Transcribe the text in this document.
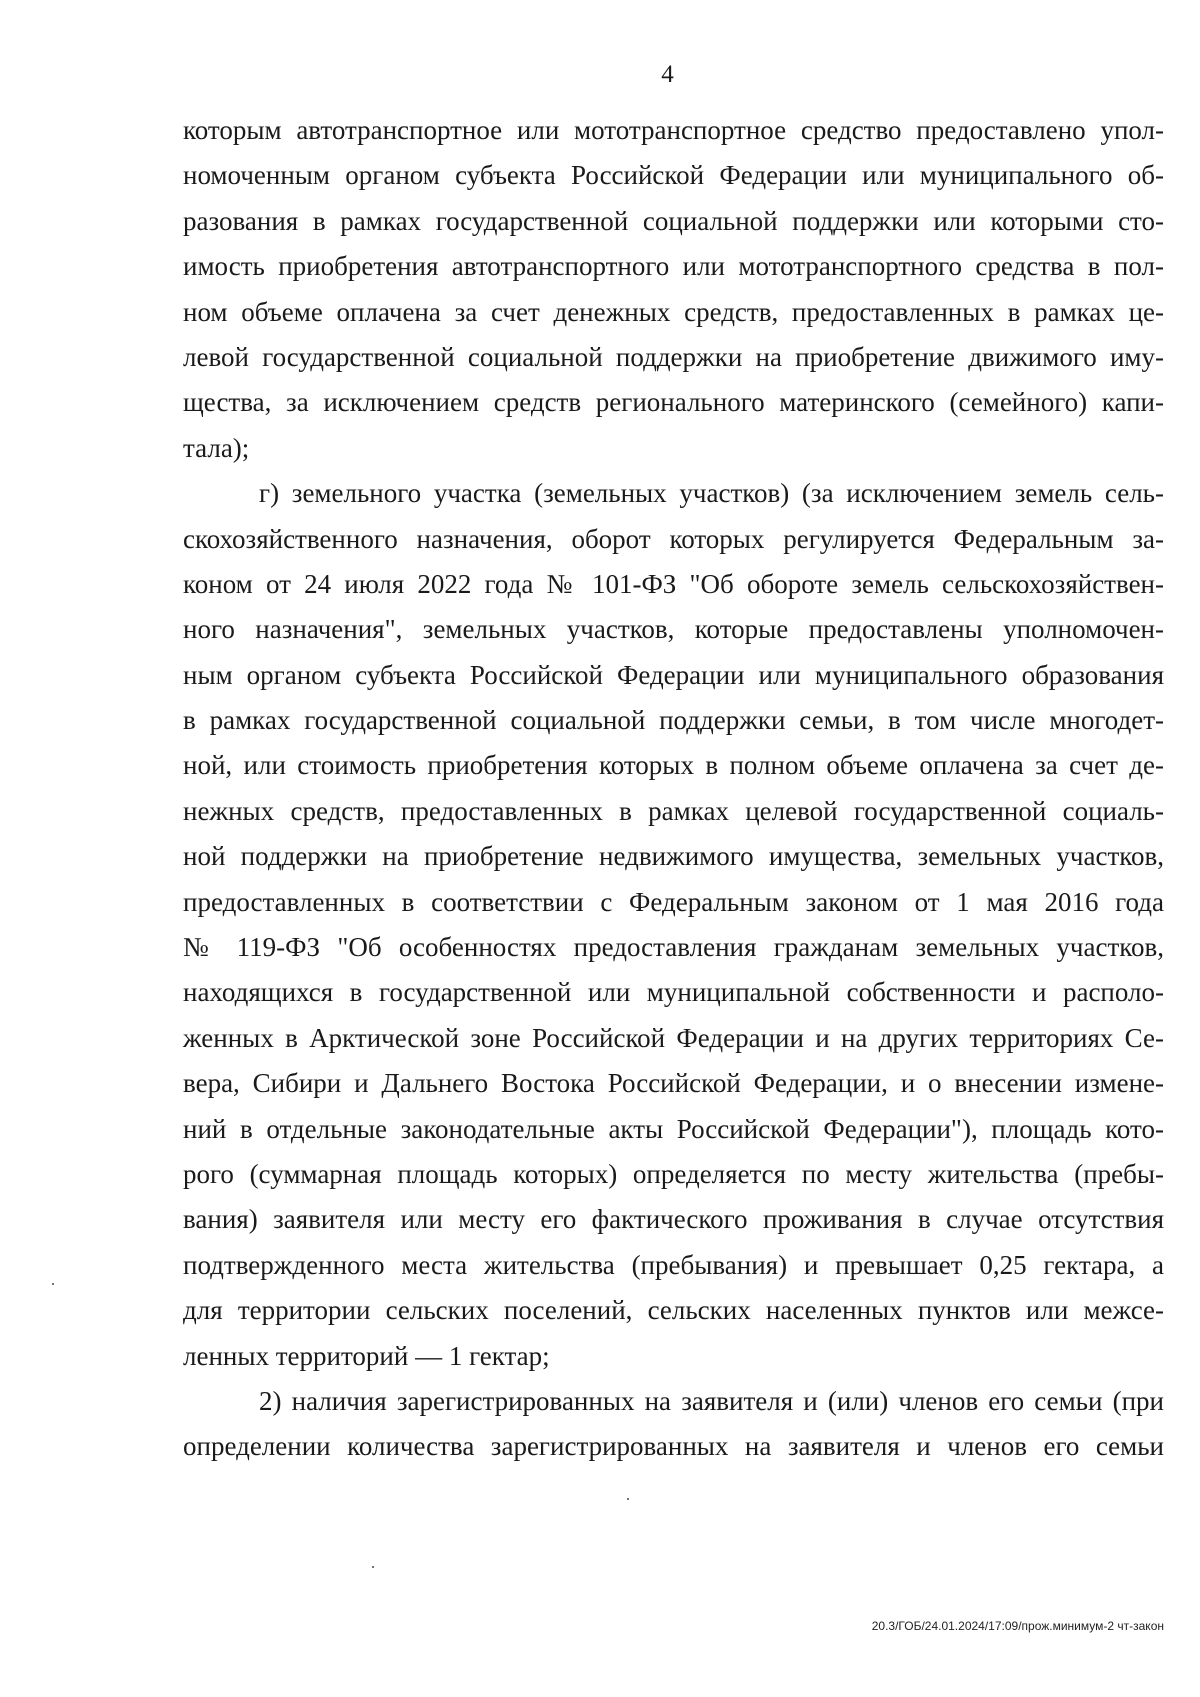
4
которым автотранспортное или мототранспортное средство предоставлено упол-
номоченным органом субъекта Российской Федерации или муниципального об-
разования в рамках государственной социальной поддержки или которыми сто-
имость приобретения автотранспортного или мототранспортного средства в пол-
ном объеме оплачена за счет денежных средств, предоставленных в рамках це-
левой государственной социальной поддержки на приобретение движимого иму-
щества, за исключением средств регионального материнского (семейного) капи-
тала);
г) земельного участка (земельных участков) (за исключением земель сель-
скохозяйственного назначения, оборот которых регулируется Федеральным за-
коном от 24 июля 2022 года № 101-ФЗ "Об обороте земель сельскохозяйствен-
ного назначения", земельных участков, которые предоставлены уполномочен-
ным органом субъекта Российской Федерации или муниципального образования
в рамках государственной социальной поддержки семьи, в том числе многодет-
ной, или стоимость приобретения которых в полном объеме оплачена за счет де-
нежных средств, предоставленных в рамках целевой государственной социаль-
ной поддержки на приобретение недвижимого имущества, земельных участков,
предоставленных в соответствии с Федеральным законом от 1 мая 2016 года
№ 119-ФЗ "Об особенностях предоставления гражданам земельных участков,
находящихся в государственной или муниципальной собственности и располо-
женных в Арктической зоне Российской Федерации и на других территориях Се-
вера, Сибири и Дальнего Востока Российской Федерации, и о внесении измене-
ний в отдельные законодательные акты Российской Федерации"), площадь кото-
рого (суммарная площадь которых) определяется по месту жительства (пребы-
вания) заявителя или месту его фактического проживания в случае отсутствия
подтвержденного места жительства (пребывания) и превышает 0,25 гектара, а
для территории сельских поселений, сельских населенных пунктов или межсе-
ленных территорий — 1 гектар;
2) наличия зарегистрированных на заявителя и (или) членов его семьи (при
определении количества зарегистрированных на заявителя и членов его семьи
20.3/ГОБ/24.01.2024/17:09/прож.минимум-2 чт-закон
